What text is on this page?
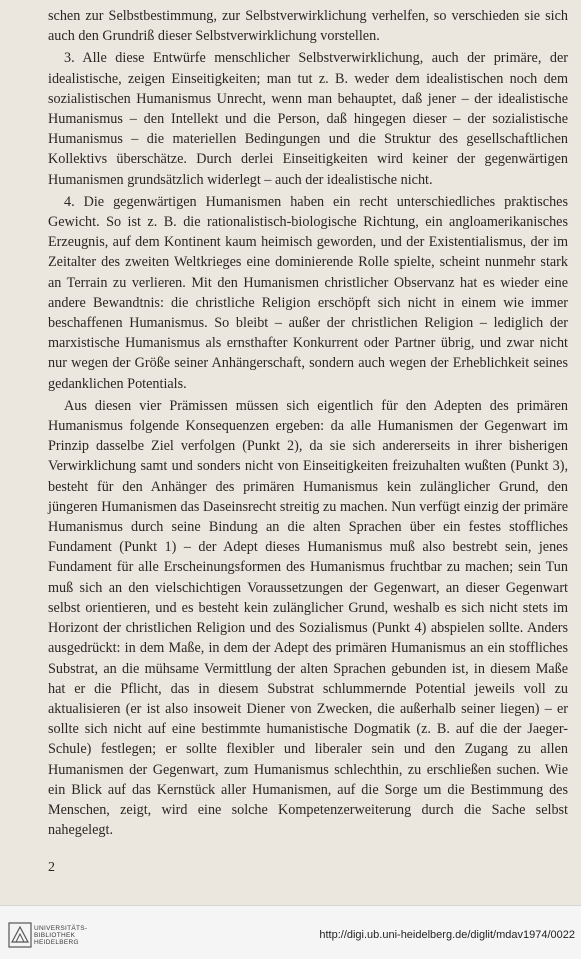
schen zur Selbstbestimmung, zur Selbstverwirklichung verhelfen, so verschieden sie sich auch den Grundriß dieser Selbstverwirklichung vorstellen.

3. Alle diese Entwürfe menschlicher Selbstverwirklichung, auch der primäre, der idealistische, zeigen Einseitigkeiten; man tut z. B. weder dem idealistischen noch dem sozialistischen Humanismus Unrecht, wenn man behauptet, daß jener – der idealistische Humanismus – den Intellekt und die Person, daß hingegen dieser – der sozialistische Humanismus – die materiellen Bedingungen und die Struktur des gesellschaftlichen Kollektivs überschätze. Durch derlei Einseitigkeiten wird keiner der gegenwärtigen Humanismen grundsätzlich widerlegt – auch der idealistische nicht.

4. Die gegenwärtigen Humanismen haben ein recht unterschiedliches praktisches Gewicht. So ist z. B. die rationalistisch-biologische Richtung, ein angloamerikanisches Erzeugnis, auf dem Kontinent kaum heimisch geworden, und der Existentialismus, der im Zeitalter des zweiten Weltkrieges eine dominierende Rolle spielte, scheint nunmehr stark an Terrain zu verlieren. Mit den Humanismen christlicher Observanz hat es wieder eine andere Bewandtnis: die christliche Religion erschöpft sich nicht in einem wie immer beschaffenen Humanismus. So bleibt – außer der christlichen Religion – lediglich der marxistische Humanismus als ernsthafter Konkurrent oder Partner übrig, und zwar nicht nur wegen der Größe seiner Anhängerschaft, sondern auch wegen der Erheblichkeit seines gedanklichen Potentials.

Aus diesen vier Prämissen müssen sich eigentlich für den Adepten des primären Humanismus folgende Konsequenzen ergeben: da alle Humanismen der Gegenwart im Prinzip dasselbe Ziel verfolgen (Punkt 2), da sie sich andererseits in ihrer bisherigen Verwirklichung samt und sonders nicht von Einseitigkeiten freizuhalten wußten (Punkt 3), besteht für den Anhänger des primären Humanismus kein zulänglicher Grund, den jüngeren Humanismen das Daseinsrecht streitig zu machen. Nun verfügt einzig der primäre Humanismus durch seine Bindung an die alten Sprachen über ein festes stoffliches Fundament (Punkt 1) – der Adept dieses Humanismus muß also bestrebt sein, jenes Fundament für alle Erscheinungsformen des Humanismus fruchtbar zu machen; sein Tun muß sich an den vielschichtigen Voraussetzungen der Gegenwart, an dieser Gegenwart selbst orientieren, und es besteht kein zulänglicher Grund, weshalb es sich nicht stets im Horizont der christlichen Religion und des Sozialismus (Punkt 4) abspielen sollte. Anders ausgedrückt: in dem Maße, in dem der Adept des primären Humanismus an ein stoffliches Substrat, an die mühsame Vermittlung der alten Sprachen gebunden ist, in diesem Maße hat er die Pflicht, das in diesem Substrat schlummernde Potential jeweils voll zu aktualisieren (er ist also insoweit Diener von Zwecken, die außerhalb seiner liegen) – er sollte sich nicht auf eine bestimmte humanistische Dogmatik (z. B. auf die der Jaeger-Schule) festlegen; er sollte flexibler und liberaler sein und den Zugang zu allen Humanismen der Gegenwart, zum Humanismus schlechthin, zu erschließen suchen. Wie ein Blick auf das Kernstück aller Humanismen, auf die Sorge um die Bestimmung des Menschen, zeigt, wird eine solche Kompetenzerweiterung durch die Sache selbst nahegelegt.

2
UNIVERSITÄTS-
BIBLIOTHEK
HEIDELBERG
http://digi.ub.uni-heidelberg.de/diglit/mdav1974/0022
